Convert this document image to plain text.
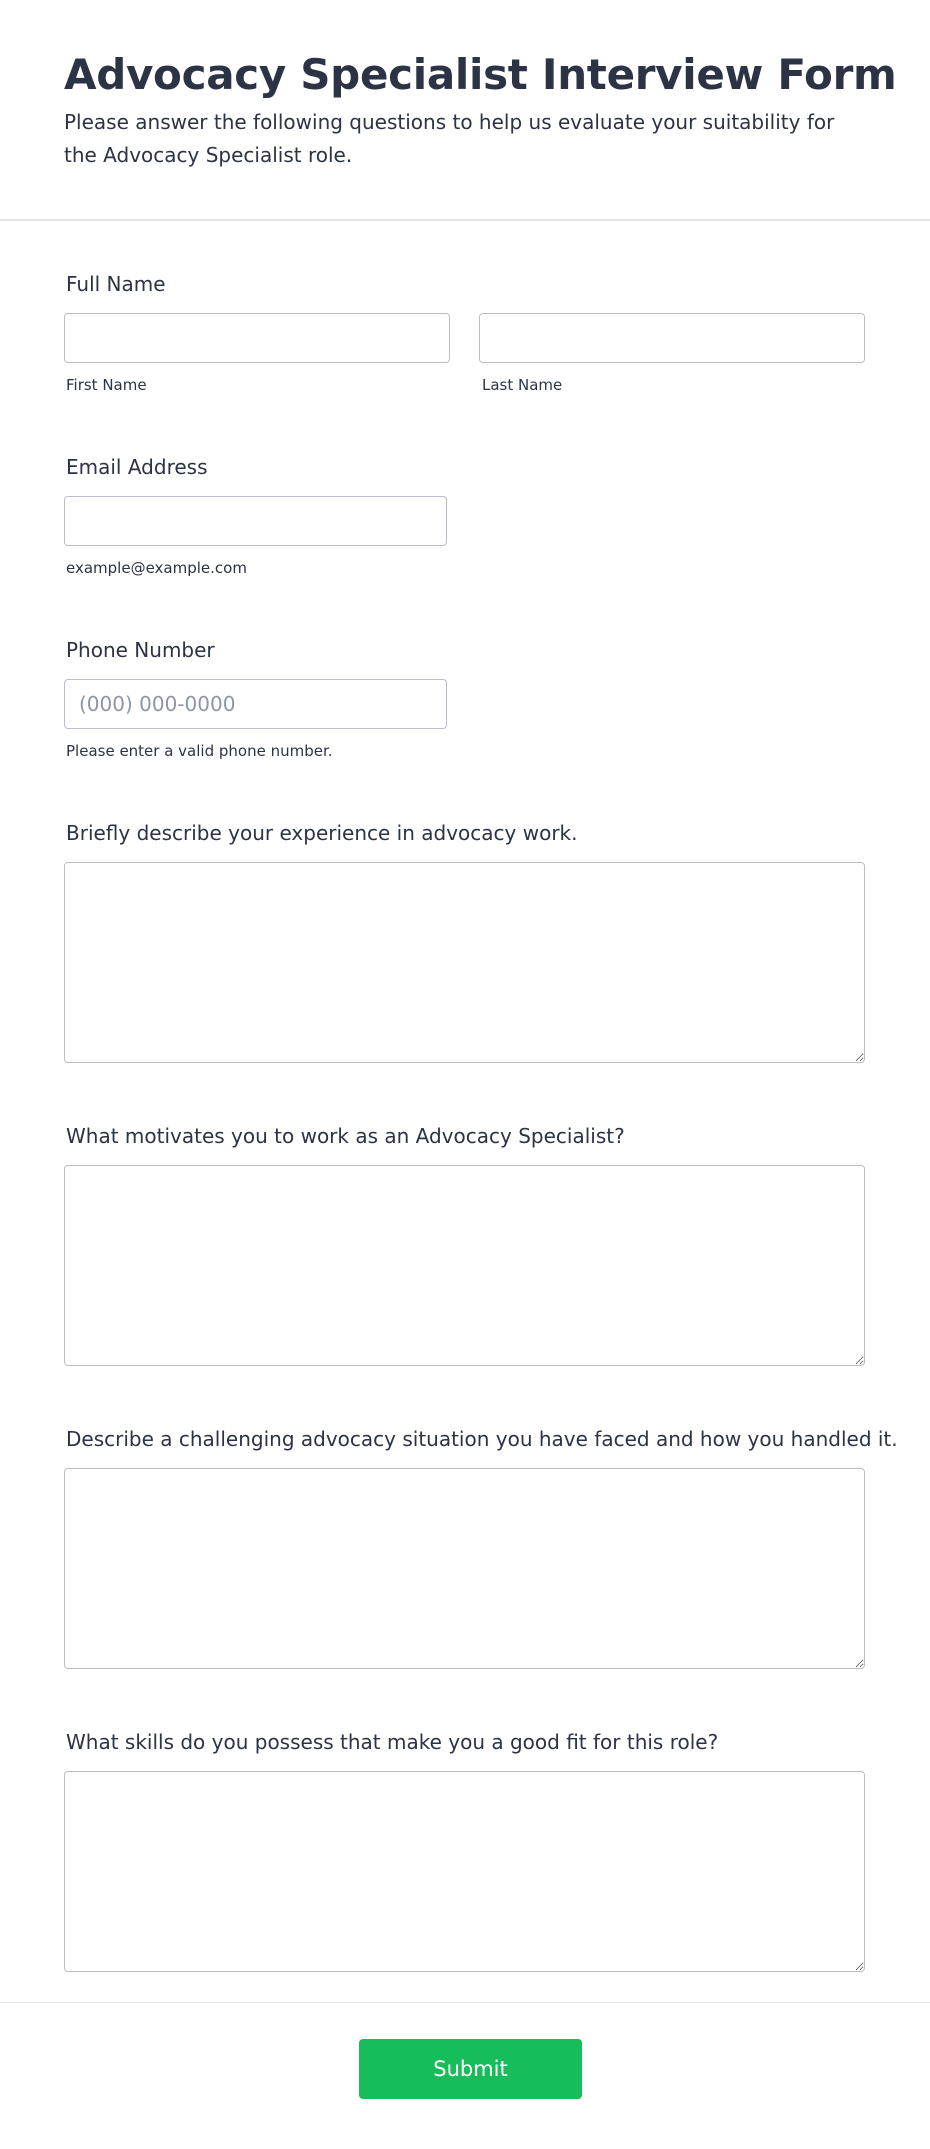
Advocacy Specialist Interview Form

Please answer the following questions to help us evaluate your suitability for the Advocacy Specialist role.

Full Name
First Name	Last Name
Email Address
example@example.com
Phone Number
(000) 000-0000
Please enter a valid phone number.
Briefly describe your experience in advocacy work.
What motivates you to work as an Advocacy Specialist?
Describe a challenging advocacy situation you have faced and how you handled it.
What skills do you possess that make you a good fit for this role?
Submit
